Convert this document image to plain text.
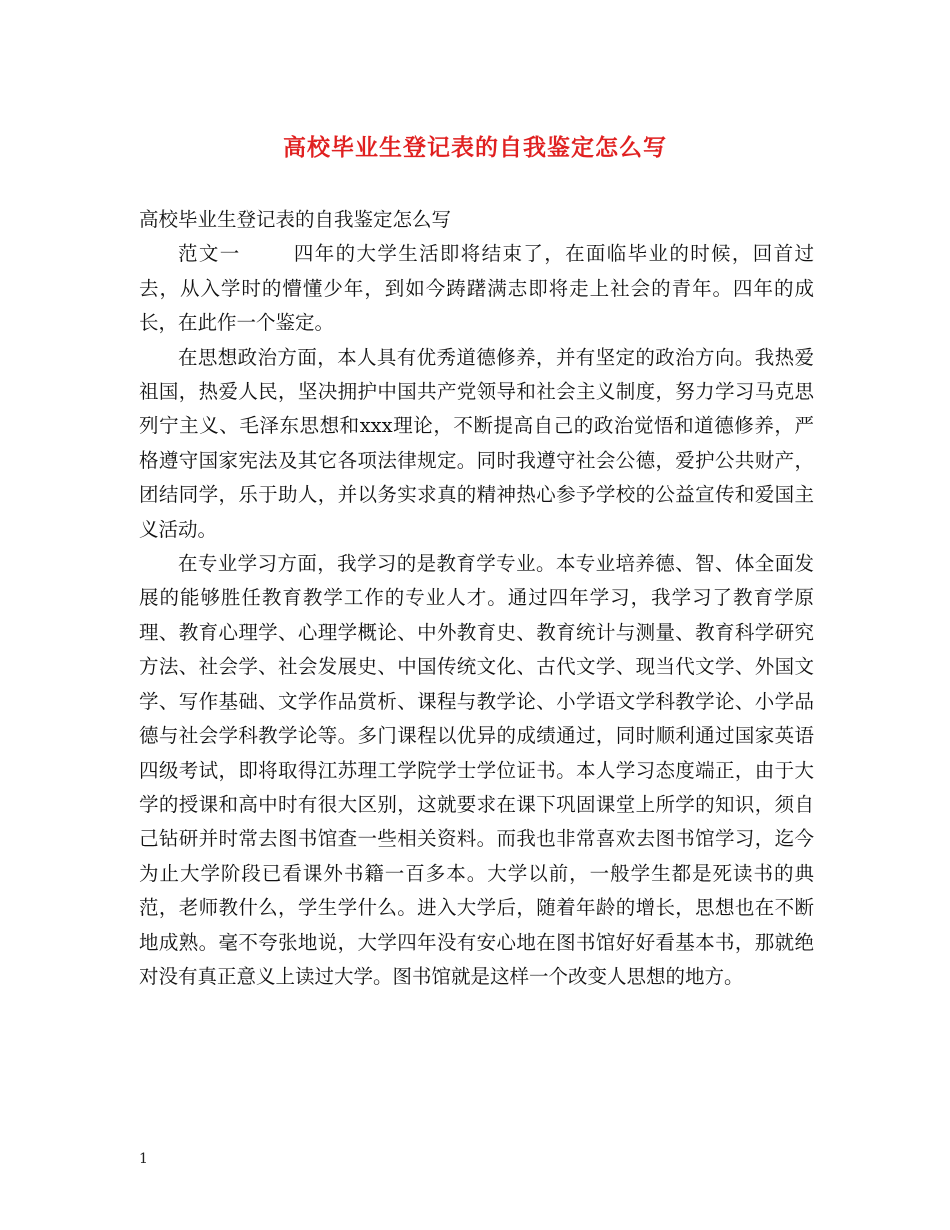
高校毕业生登记表的自我鉴定怎么写

高校毕业生登记表的自我鉴定怎么写

范文一	四年的大学生活即将结束了，在面临毕业的时候，回首过去，从入学时的懵懂少年，到如今踌躇满志即将走上社会的青年。四年的成长，在此作一个鉴定。

在思想政治方面，本人具有优秀道德修养，并有坚定的政治方向。我热爱祖国，热爱人民，坚决拥护中国共产党领导和社会主义制度，努力学习马克思列宁主义、毛泽东思想和xxx理论，不断提高自己的政治觉悟和道德修养，严格遵守国家宪法及其它各项法律规定。同时我遵守社会公德，爱护公共财产，团结同学，乐于助人，并以务实求真的精神热心参予学校的公益宣传和爱国主义活动。

在专业学习方面，我学习的是教育学专业。本专业培养德、智、体全面发展的能够胜任教育教学工作的专业人才。通过四年学习，我学习了教育学原理、教育心理学、心理学概论、中外教育史、教育统计与测量、教育科学研究方法、社会学、社会发展史、中国传统文化、古代文学、现当代文学、外国文学、写作基础、文学作品赏析、课程与教学论、小学语文学科教学论、小学品德与社会学科教学论等。多门课程以优异的成绩通过，同时顺利通过国家英语四级考试，即将取得江苏理工学院学士学位证书。本人学习态度端正，由于大学的授课和高中时有很大区别，这就要求在课下巩固课堂上所学的知识，须自己钻研并时常去图书馆查一些相关资料。而我也非常喜欢去图书馆学习，迄今为止大学阶段已看课外书籍一百多本。大学以前，一般学生都是死读书的典范，老师教什么，学生学什么。进入大学后，随着年龄的增长，思想也在不断地成熟。毫不夸张地说，大学四年没有安心地在图书馆好好看基本书，那就绝对没有真正意义上读过大学。图书馆就是这样一个改变人思想的地方。

1
